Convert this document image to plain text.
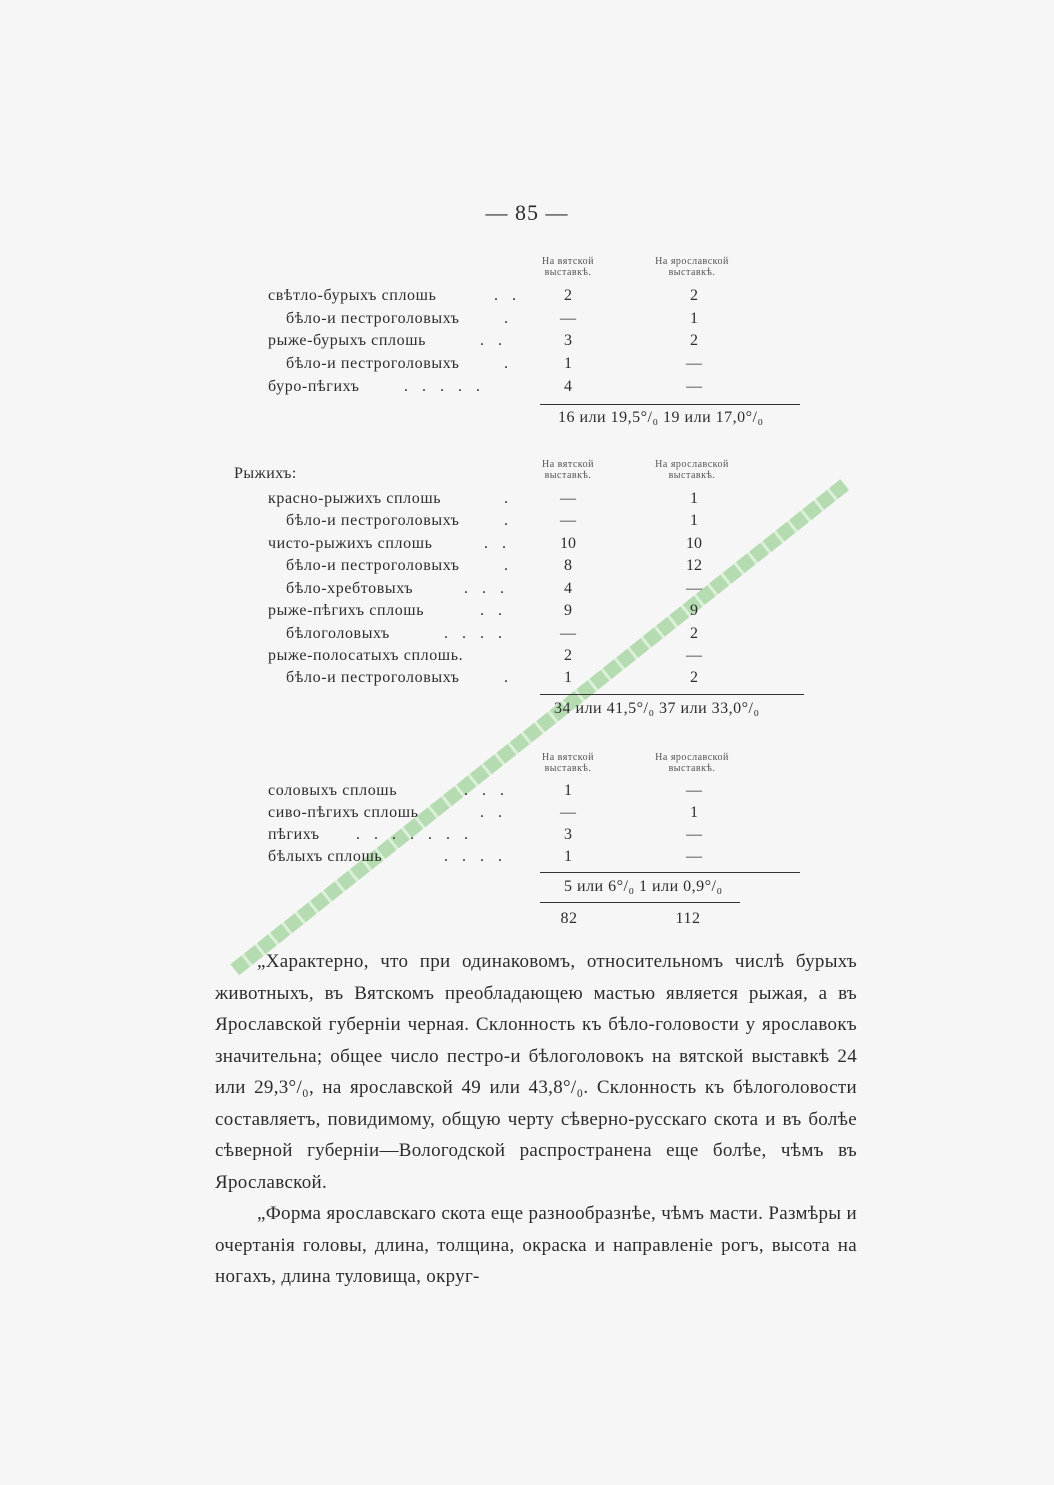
— 85 —
На вятской
выставкѣ.
На ярославской
выставкѣ.
свѣтло-бурыхъ сплошь	. .	2	2
бѣло-и пестроголовыхъ	.	—	1
рыже-бурыхъ сплошь	. .	3	2
бѣло-и пестроголовыхъ	.	1	—
буро-пѣгихъ	. . . . .	4	—
16 или 19,5°/₀ 19 или 17,0°/₀
Рыжихъ:
На вятской
выставкѣ.
На ярославской
выставкѣ.
красно-рыжихъ сплошь	.	—	1
бѣло-и пестроголовыхъ	.	—	1
чисто-рыжихъ сплошь	. .	10	10
бѣло-и пестроголовыхъ	.	8	12
бѣло-хребтовыхъ	. . .	4	—
рыже-пѣгихъ сплошь	. .	9	9
бѣлоголовыхъ	. . . .	—	2
рыже-полосатыхъ сплошь.	2	—
бѣло-и пестроголовыхъ	.	1	2
34 или 41,5°/₀ 37 или 33,0°/₀
На вятской
выставкѣ.
На ярославской
выставкѣ.
соловыхъ сплошь	. . .	1	—
сиво-пѣгихъ сплошь	. .	—	1
пѣгихъ . . . . . . .	3	—
бѣлыхъ сплошь	. . . .	1	—
5 или 6°/₀ 1 или 0,9°/₀
82	112

„Характерно, что при одинаковомъ, относительномъ числѣ бурыхъ животныхъ, въ Вятскомъ преобладающею мастью является рыжая, а въ Ярославской губерніи черная. Склонность къ бѣло-головости у ярославокъ значительна; общее число пестро-и бѣлоголовокъ на вятской выставкѣ 24 или 29,3°/₀, на ярославской 49 или 43,8°/₀. Склонность къ бѣлоголовости составляетъ, повидимому, общую черту сѣверно-русскаго скота и въ болѣе сѣверной губерніи—Вологодской распространена еще болѣе, чѣмъ въ Ярославской.

„Форма ярославскаго скота еще разнообразнѣе, чѣмъ масти. Размѣры и очертанія головы, длина, толщина, окраска и направленіе рогъ, высота на ногахъ, длина туловища, округ-
